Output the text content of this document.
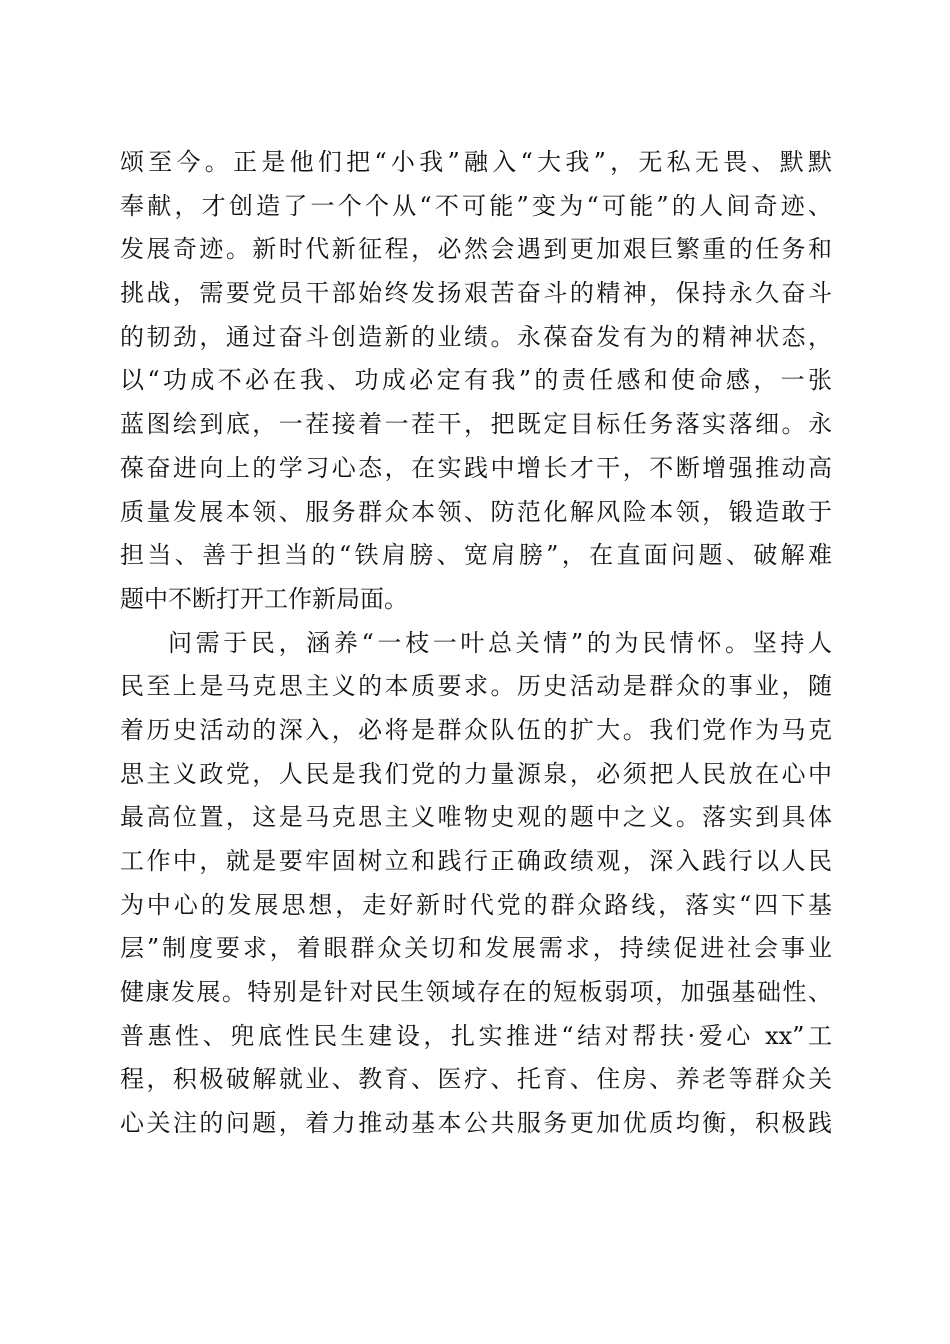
颂至今。正是他们把“小我”融入“大我”，无私无畏、默默
奉献，才创造了一个个从“不可能”变为“可能”的人间奇迹、
发展奇迹。新时代新征程，必然会遇到更加艰巨繁重的任务和
挑战，需要党员干部始终发扬艰苦奋斗的精神，保持永久奋斗
的韧劲，通过奋斗创造新的业绩。永葆奋发有为的精神状态，
以“功成不必在我、功成必定有我”的责任感和使命感，一张
蓝图绘到底，一茬接着一茬干，把既定目标任务落实落细。永
葆奋进向上的学习心态，在实践中增长才干，不断增强推动高
质量发展本领、服务群众本领、防范化解风险本领，锻造敢于
担当、善于担当的“铁肩膀、宽肩膀”，在直面问题、破解难
题中不断打开工作新局面。
问需于民，涵养“一枝一叶总关情”的为民情怀。坚持人
民至上是马克思主义的本质要求。历史活动是群众的事业，随
着历史活动的深入，必将是群众队伍的扩大。我们党作为马克
思主义政党，人民是我们党的力量源泉，必须把人民放在心中
最高位置，这是马克思主义唯物史观的题中之义。落实到具体
工作中，就是要牢固树立和践行正确政绩观，深入践行以人民
为中心的发展思想，走好新时代党的群众路线，落实“四下基
层”制度要求，着眼群众关切和发展需求，持续促进社会事业
健康发展。特别是针对民生领域存在的短板弱项，加强基础性、
普惠性、兜底性民生建设，扎实推进“结对帮扶·爱心 xx”工
程，积极破解就业、教育、医疗、托育、住房、养老等群众关
心关注的问题，着力推动基本公共服务更加优质均衡，积极践
